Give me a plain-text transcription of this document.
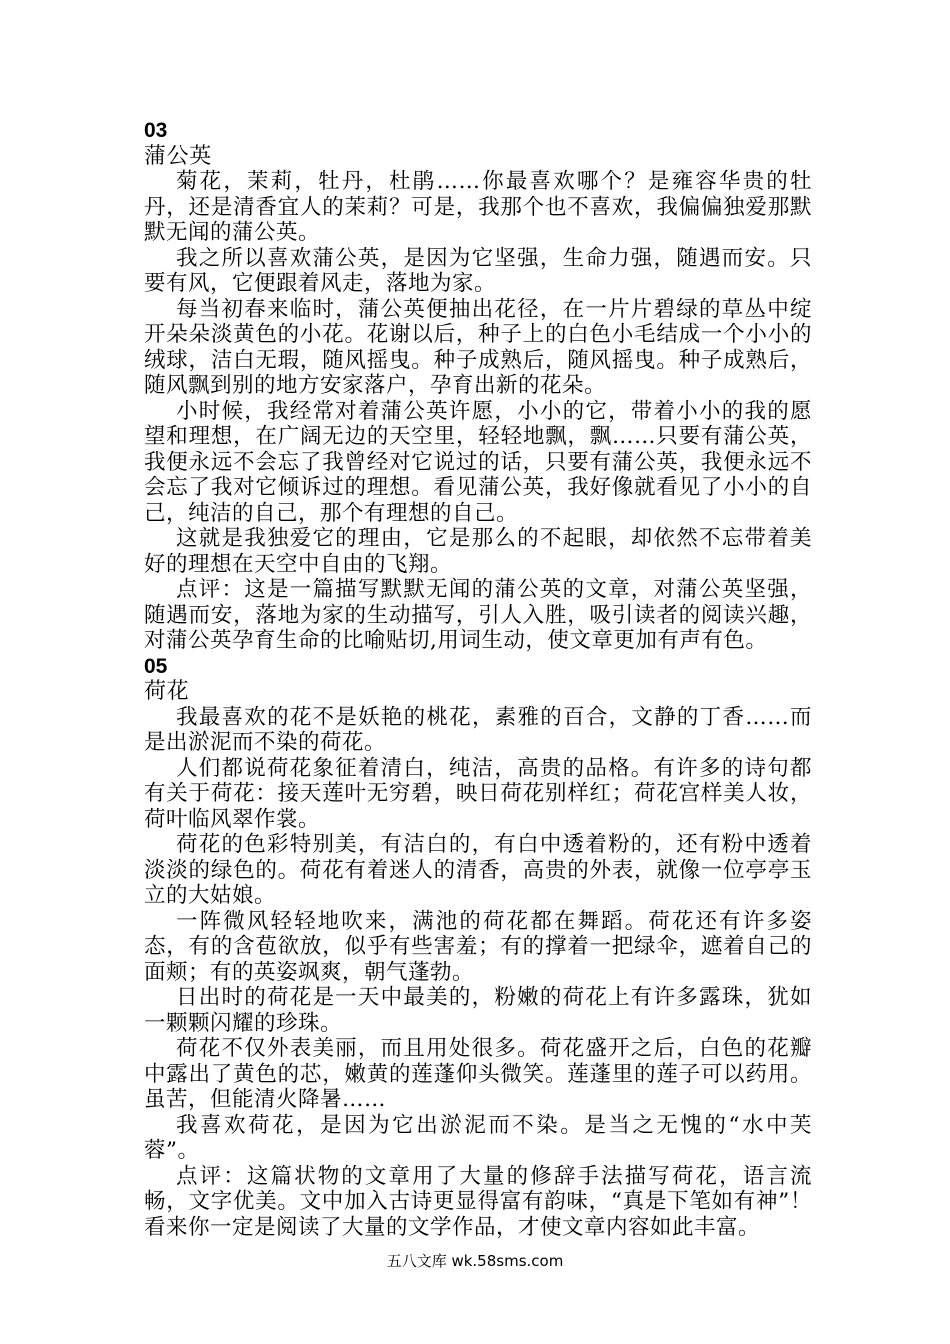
03
蒲公英

菊花，茉莉，牡丹，杜鹃……你最喜欢哪个？是雍容华贵的牡丹，还是清香宜人的茉莉？可是，我那个也不喜欢，我偏偏独爱那默默无闻的蒲公英。

我之所以喜欢蒲公英，是因为它坚强，生命力强，随遇而安。只要有风，它便跟着风走，落地为家。

每当初春来临时，蒲公英便抽出花径，在一片片碧绿的草丛中绽开朵朵淡黄色的小花。花谢以后，种子上的白色小毛结成一个小小的绒球，洁白无瑕，随风摇曳。种子成熟后，随风摇曳。种子成熟后，随风飘到别的地方安家落户，孕育出新的花朵。

小时候，我经常对着蒲公英许愿，小小的它，带着小小的我的愿望和理想，在广阔无边的天空里，轻轻地飘，飘……只要有蒲公英，我便永远不会忘了我曾经对它说过的话，只要有蒲公英，我便永远不会忘了我对它倾诉过的理想。看见蒲公英，我好像就看见了小小的自己，纯洁的自己，那个有理想的自己。

这就是我独爱它的理由，它是那么的不起眼，却依然不忘带着美好的理想在天空中自由的飞翔。

点评：这是一篇描写默默无闻的蒲公英的文章，对蒲公英坚强，随遇而安，落地为家的生动描写，引人入胜，吸引读者的阅读兴趣，对蒲公英孕育生命的比喻贴切,用词生动，使文章更加有声有色。

05
荷花

我最喜欢的花不是妖艳的桃花，素雅的百合，文静的丁香……而是出淤泥而不染的荷花。

人们都说荷花象征着清白，纯洁，高贵的品格。有许多的诗句都有关于荷花：接天莲叶无穷碧，映日荷花别样红；荷花宫样美人妆，荷叶临风翠作裳。

荷花的色彩特别美，有洁白的，有白中透着粉的，还有粉中透着淡淡的绿色的。荷花有着迷人的清香，高贵的外表，就像一位亭亭玉立的大姑娘。

一阵微风轻轻地吹来，满池的荷花都在舞蹈。荷花还有许多姿态，有的含苞欲放，似乎有些害羞；有的撑着一把绿伞，遮着自己的面颊；有的英姿飒爽，朝气蓬勃。

日出时的荷花是一天中最美的，粉嫩的荷花上有许多露珠，犹如一颗颗闪耀的珍珠。

荷花不仅外表美丽，而且用处很多。荷花盛开之后，白色的花瓣中露出了黄色的芯，嫩黄的莲蓬仰头微笑。莲蓬里的莲子可以药用。虽苦，但能清火降暑……

我喜欢荷花，是因为它出淤泥而不染。是当之无愧的“水中芙蓉”。

点评：这篇状物的文章用了大量的修辞手法描写荷花，语言流畅，文字优美。文中加入古诗更显得富有韵味，“真是下笔如有神”！看来你一定是阅读了大量的文学作品，才使文章内容如此丰富。

五八文库 wk.58sms.com
